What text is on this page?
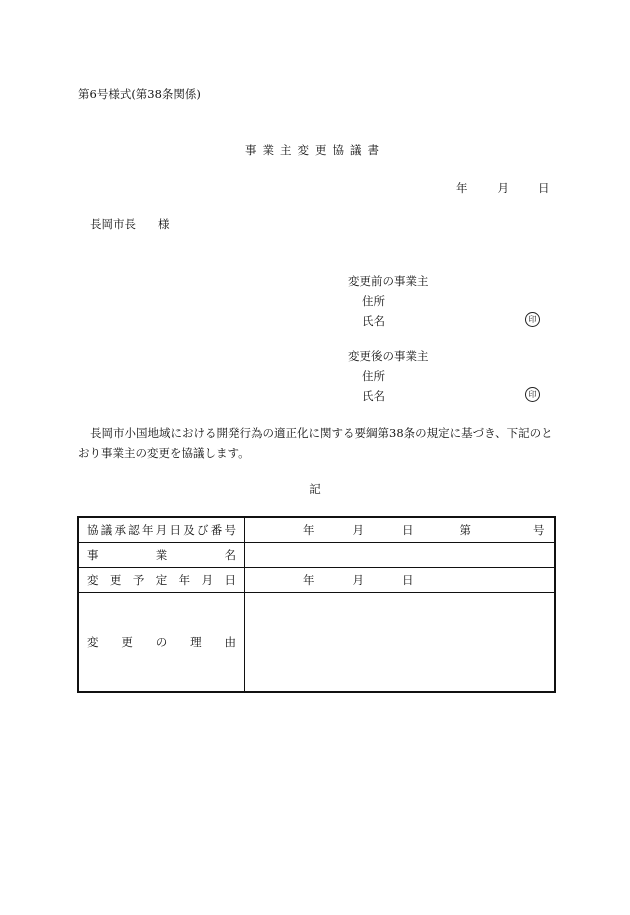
第6号様式(第38条関係)
事業主変更協議書
年	月	日
長岡市長 様
変更前の事業主
住所
氏名	印
変更後の事業主
住所
氏名	印
長岡市小国地域における開発行為の適正化に関する要綱第38条の規定に基づき、下記のとおり事業主の変更を協議します。
記
協議承認年月日及び番号	年 月 日 第 号
事業名	
変更予定年月日	年 月 日
変更の理由	
